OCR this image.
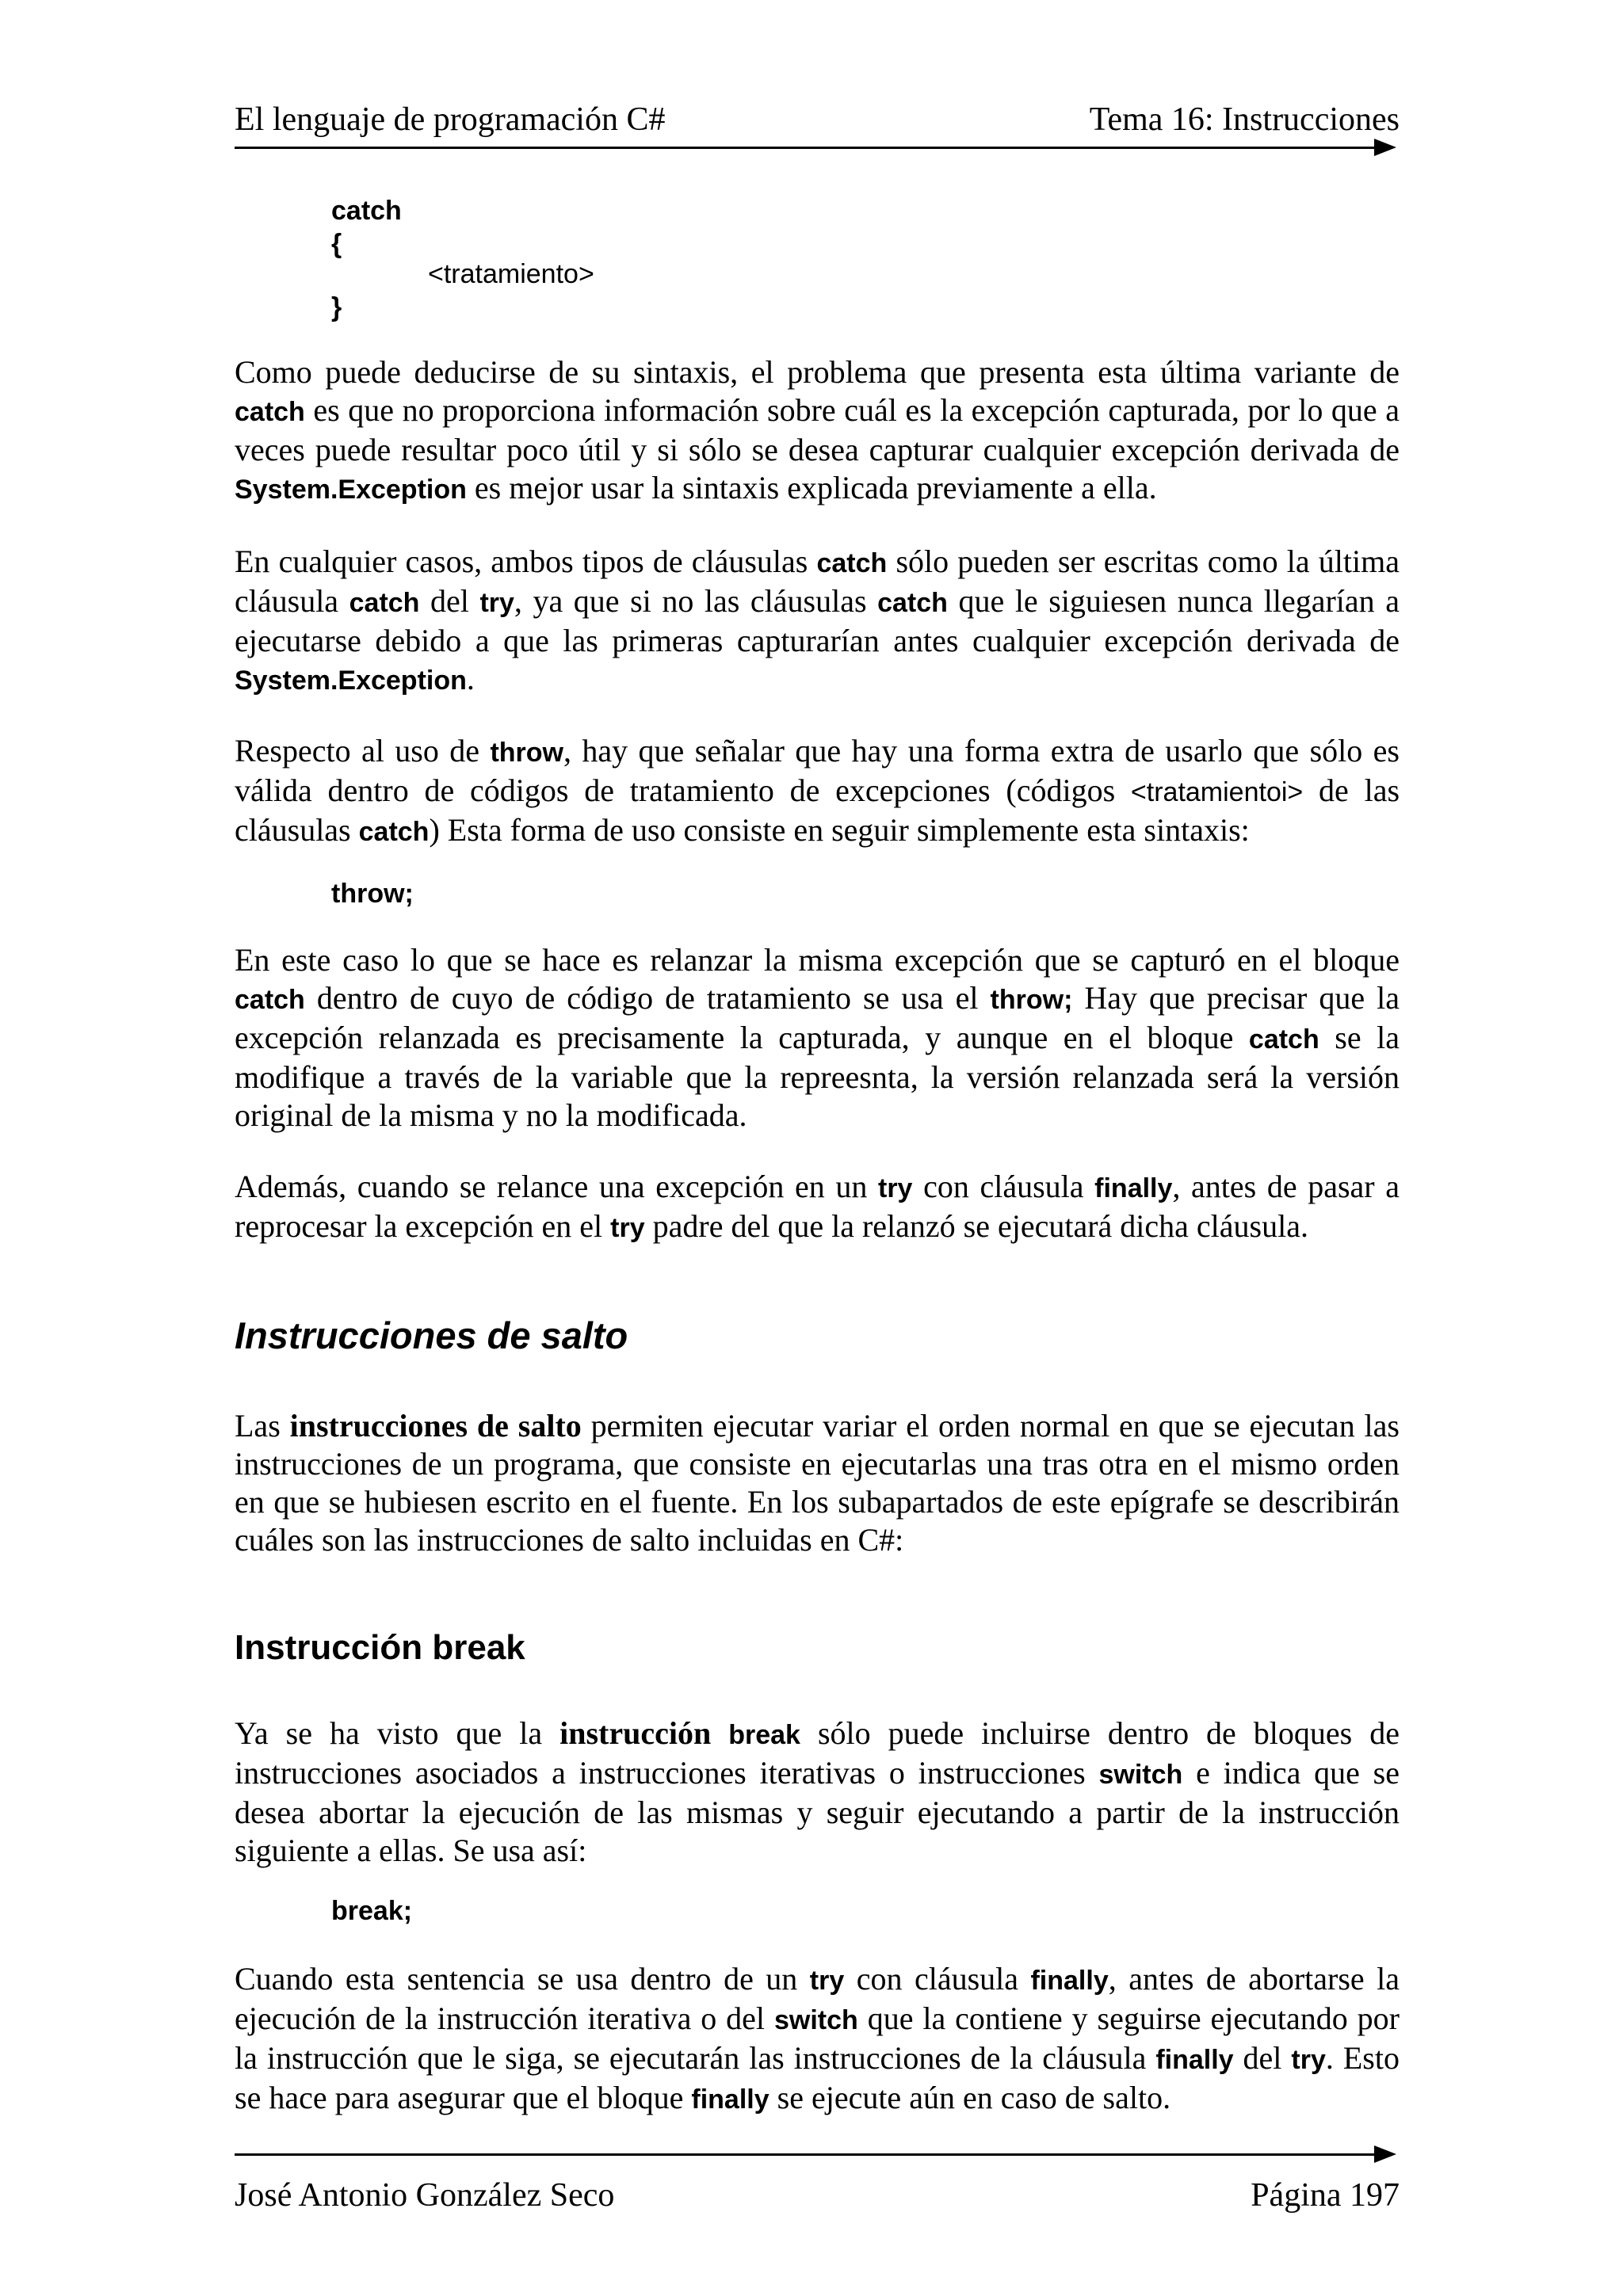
El lenguaje de programación C#	Tema 16: Instrucciones
catch
{
<tratamiento>
}

Como puede deducirse de su sintaxis, el problema que presenta esta última variante de catch es que no proporciona información sobre cuál es la excepción capturada, por lo que a veces puede resultar poco útil y si sólo se desea capturar cualquier excepción derivada de System.Exception es mejor usar la sintaxis explicada previamente a ella.

En cualquier casos, ambos tipos de cláusulas catch sólo pueden ser escritas como la última cláusula catch del try, ya que si no las cláusulas catch que le siguiesen nunca llegarían a ejecutarse debido a que las primeras capturarían antes cualquier excepción derivada de System.Exception.

Respecto al uso de throw, hay que señalar que hay una forma extra de usarlo que sólo es válida dentro de códigos de tratamiento de excepciones (códigos <tratamientoi> de las cláusulas catch) Esta forma de uso consiste en seguir simplemente esta sintaxis:

throw;

En este caso lo que se hace es relanzar la misma excepción que se capturó en el bloque catch dentro de cuyo de código de tratamiento se usa el throw; Hay que precisar que la excepción relanzada es precisamente la capturada, y aunque en el bloque catch se la modifique a través de la variable que la repreesnta, la versión relanzada será la versión original de la misma y no la modificada.

Además, cuando se relance una excepción en un try con cláusula finally, antes de pasar a reprocesar la excepción en el try padre del que la relanzó se ejecutará dicha cláusula.

Instrucciones de salto

Las instrucciones de salto permiten ejecutar variar el orden normal en que se ejecutan las instrucciones de un programa, que consiste en ejecutarlas una tras otra en el mismo orden en que se hubiesen escrito en el fuente. En los subapartados de este epígrafe se describirán cuáles son las instrucciones de salto incluidas en C#:

Instrucción break

Ya se ha visto que la instrucción break sólo puede incluirse dentro de bloques de instrucciones asociados a instrucciones iterativas o instrucciones switch e indica que se desea abortar la ejecución de las mismas y seguir ejecutando a partir de la instrucción siguiente a ellas. Se usa así:

break;

Cuando esta sentencia se usa dentro de un try con cláusula finally, antes de abortarse la ejecución de la instrucción iterativa o del switch que la contiene y seguirse ejecutando por la instrucción que le siga, se ejecutarán las instrucciones de la cláusula finally del try. Esto se hace para asegurar que el bloque finally se ejecute aún en caso de salto.

José Antonio González Seco	Página 197
